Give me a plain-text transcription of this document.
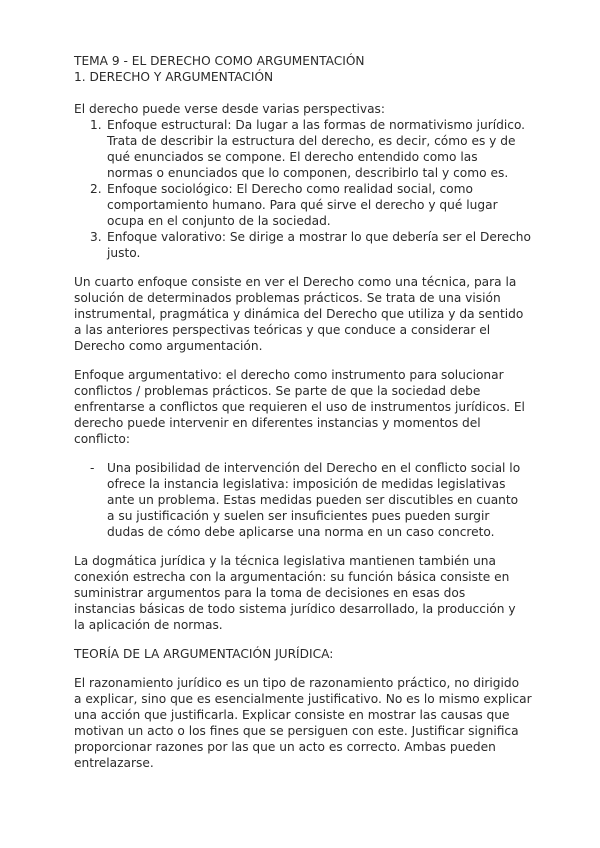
TEMA 9 - EL DERECHO COMO ARGUMENTACIÓN
1. DERECHO Y ARGUMENTACIÓN
El derecho puede verse desde varias perspectivas:
1. Enfoque estructural: Da lugar a las formas de normativismo jurídico.
Trata de describir la estructura del derecho, es decir, cómo es y de
qué enunciados se compone. El derecho entendido como las
normas o enunciados que lo componen, describirlo tal y como es.
2. Enfoque sociológico: El Derecho como realidad social, como
comportamiento humano. Para qué sirve el derecho y qué lugar
ocupa en el conjunto de la sociedad.
3. Enfoque valorativo: Se dirige a mostrar lo que debería ser el Derecho
justo.
Un cuarto enfoque consiste en ver el Derecho como una técnica, para la
solución de determinados problemas prácticos. Se trata de una visión
instrumental, pragmática y dinámica del Derecho que utiliza y da sentido
a las anteriores perspectivas teóricas y que conduce a considerar el
Derecho como argumentación.
Enfoque argumentativo: el derecho como instrumento para solucionar
conflictos / problemas prácticos. Se parte de que la sociedad debe
enfrentarse a conflictos que requieren el uso de instrumentos jurídicos. El
derecho puede intervenir en diferentes instancias y momentos del
conflicto:
- Una posibilidad de intervención del Derecho en el conflicto social lo
ofrece la instancia legislativa: imposición de medidas legislativas
ante un problema. Estas medidas pueden ser discutibles en cuanto
a su justificación y suelen ser insuficientes pues pueden surgir
dudas de cómo debe aplicarse una norma en un caso concreto.
La dogmática jurídica y la técnica legislativa mantienen también una
conexión estrecha con la argumentación: su función básica consiste en
suministrar argumentos para la toma de decisiones en esas dos
instancias básicas de todo sistema jurídico desarrollado, la producción y
la aplicación de normas.
TEORÍA DE LA ARGUMENTACIÓN JURÍDICA:
El razonamiento jurídico es un tipo de razonamiento práctico, no dirigido
a explicar, sino que es esencialmente justificativo. No es lo mismo explicar
una acción que justificarla. Explicar consiste en mostrar las causas que
motivan un acto o los fines que se persiguen con este. Justificar significa
proporcionar razones por las que un acto es correcto. Ambas pueden
entrelazarse.
